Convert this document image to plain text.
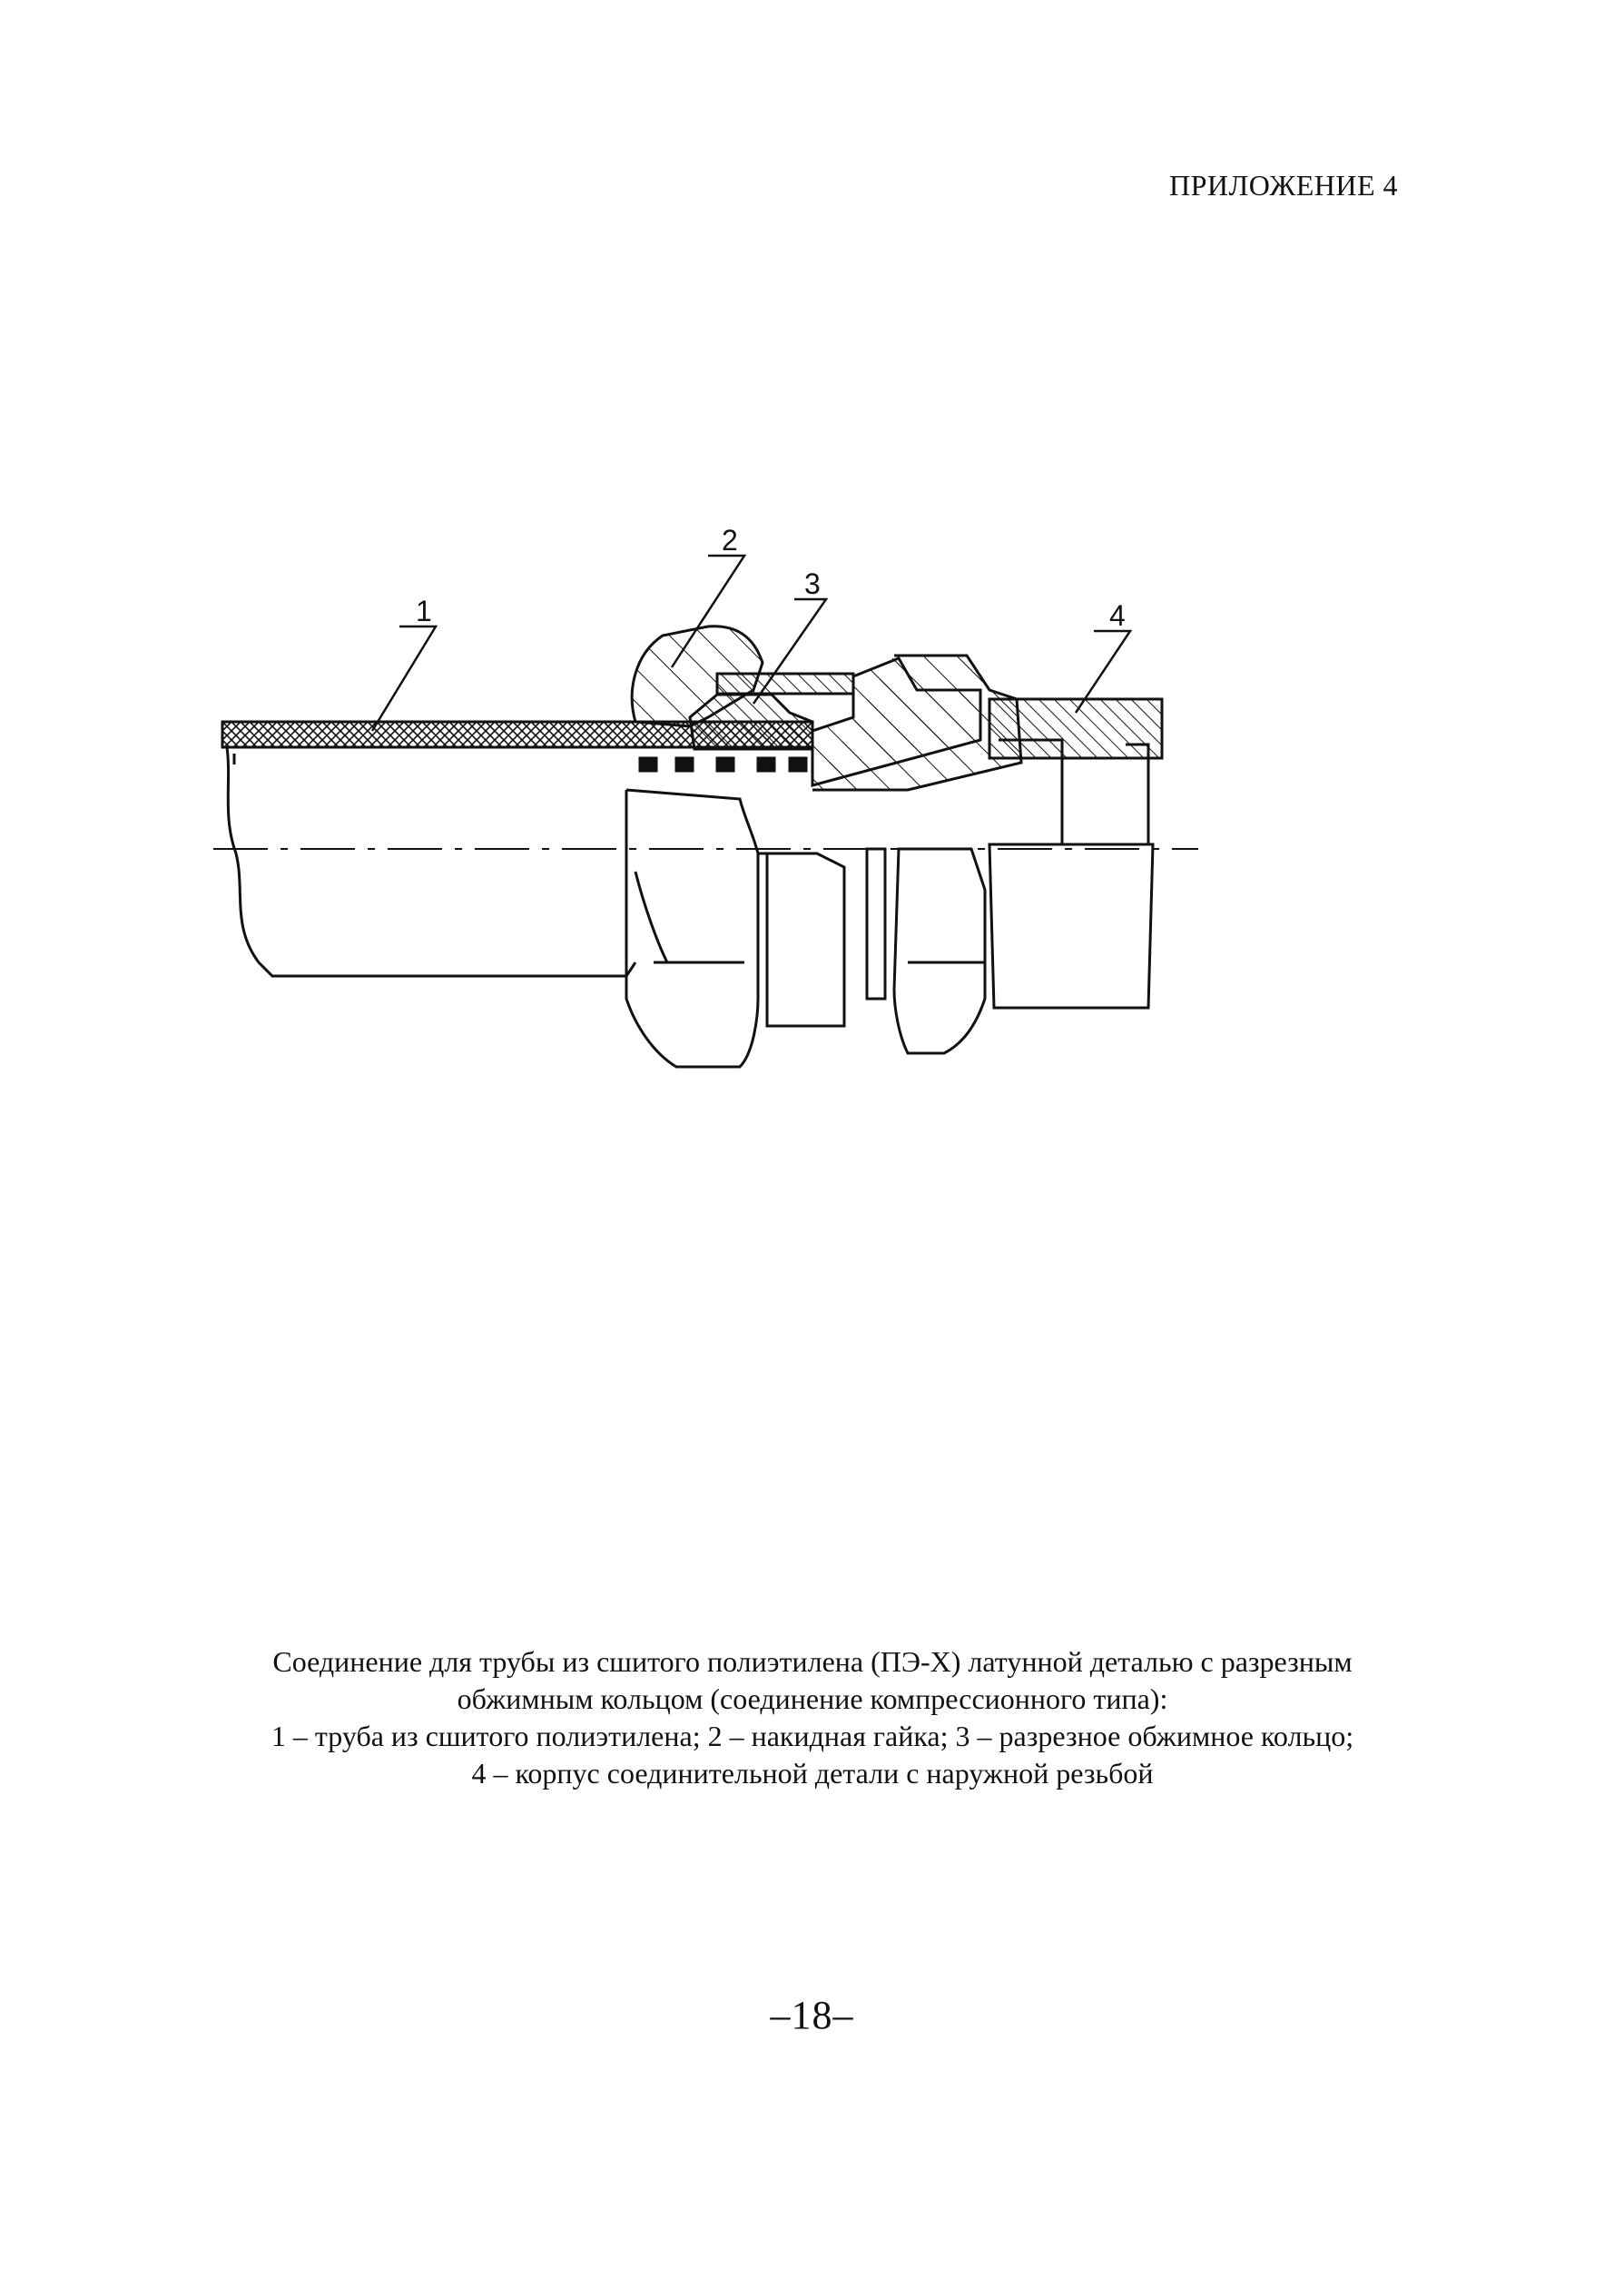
ПРИЛОЖЕНИЕ 4
1
2
3
4
Соединение для трубы из сшитого полиэтилена (ПЭ-Х) латунной деталью с разрезным
обжимным кольцом (соединение компрессионного типа):
1 – труба из сшитого полиэтилена; 2 – накидная гайка; 3 – разрезное обжимное кольцо;
4 – корпус соединительной детали с наружной резьбой
–18–
